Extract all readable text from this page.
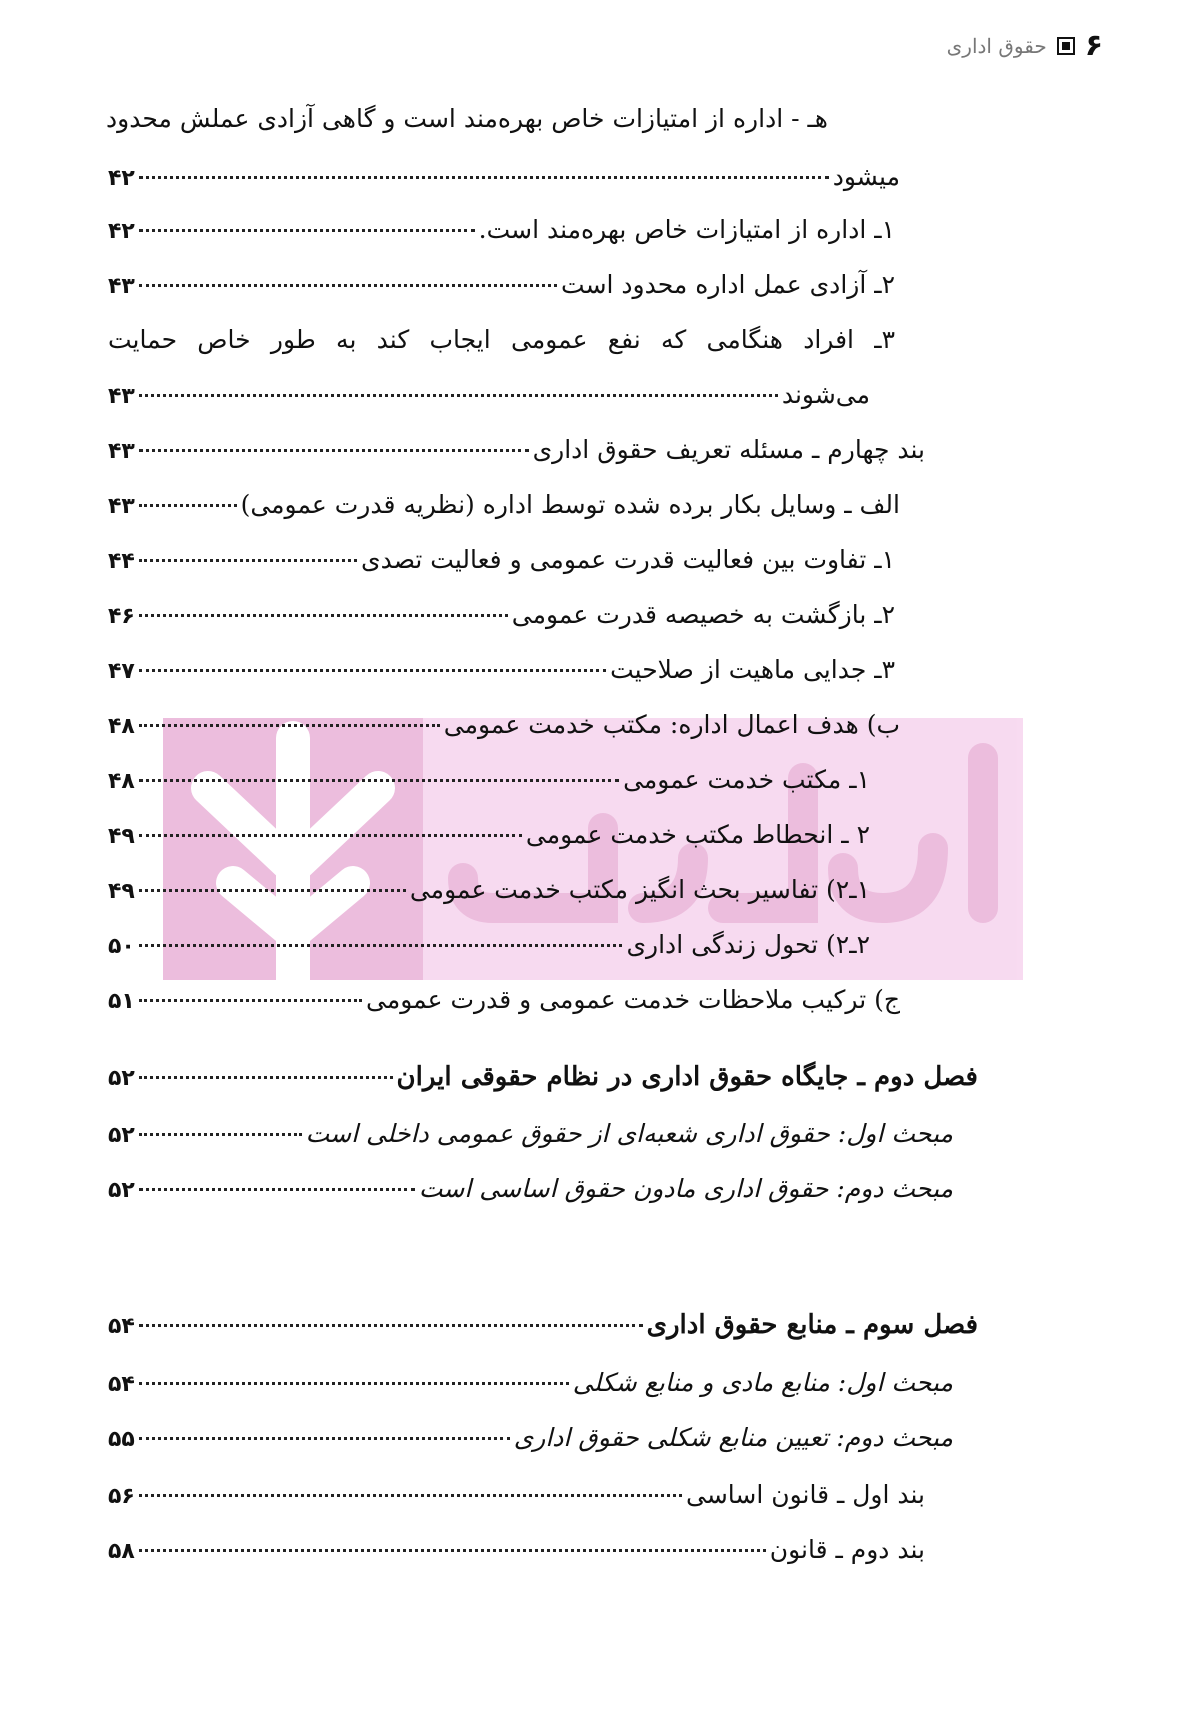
۶
حقوق اداری
هـ - اداره از امتیازات خاص بهره‌مند است و گاهی آزادی عملش محدود
میشود
۴۲
۱ـ اداره از امتیازات خاص بهره‌مند است.
۴۲
۲ـ آزادی عمل اداره محدود است
۴۳
۳ـ افراد هنگامی که نفع عمومی ایجاب کند به طور خاص حمایت
می‌شوند
۴۳
بند چهارم ـ مسئله تعریف حقوق اداری
۴۳
الف ـ وسایل بکار برده شده توسط اداره (نظریه قدرت عمومی)
۴۳
۱ـ تفاوت بین فعالیت قدرت عمومی و فعالیت تصدی
۴۴
۲ـ بازگشت به خصیصه قدرت عمومی
۴۶
۳ـ جدایی ماهیت از صلاحیت
۴۷
ب) هدف اعمال اداره: مکتب خدمت عمومی
۴۸
۱ـ مکتب خدمت عمومی
۴۸
۲ ـ انحطاط مکتب خدمت عمومی
۴۹
۱ـ۲) تفاسیر بحث انگیز مکتب خدمت عمومی
۴۹
۲ـ۲) تحول زندگی اداری
۵۰
ج) ترکیب ملاحظات خدمت عمومی و قدرت عمومی
۵۱
فصل دوم ـ جایگاه حقوق اداری در نظام حقوقی ایران
۵۲
مبحث اول: حقوق اداری شعبه‌ای از حقوق عمومی داخلی است
۵۲
مبحث دوم: حقوق اداری مادون حقوق اساسی است
۵۲
فصل سوم ـ منابع حقوق اداری
۵۴
مبحث اول: منابع مادی و منابع شکلی
۵۴
مبحث دوم: تعیین منابع شکلی حقوق اداری
۵۵
بند اول ـ قانون اساسی
۵۶
بند دوم ـ قانون
۵۸
